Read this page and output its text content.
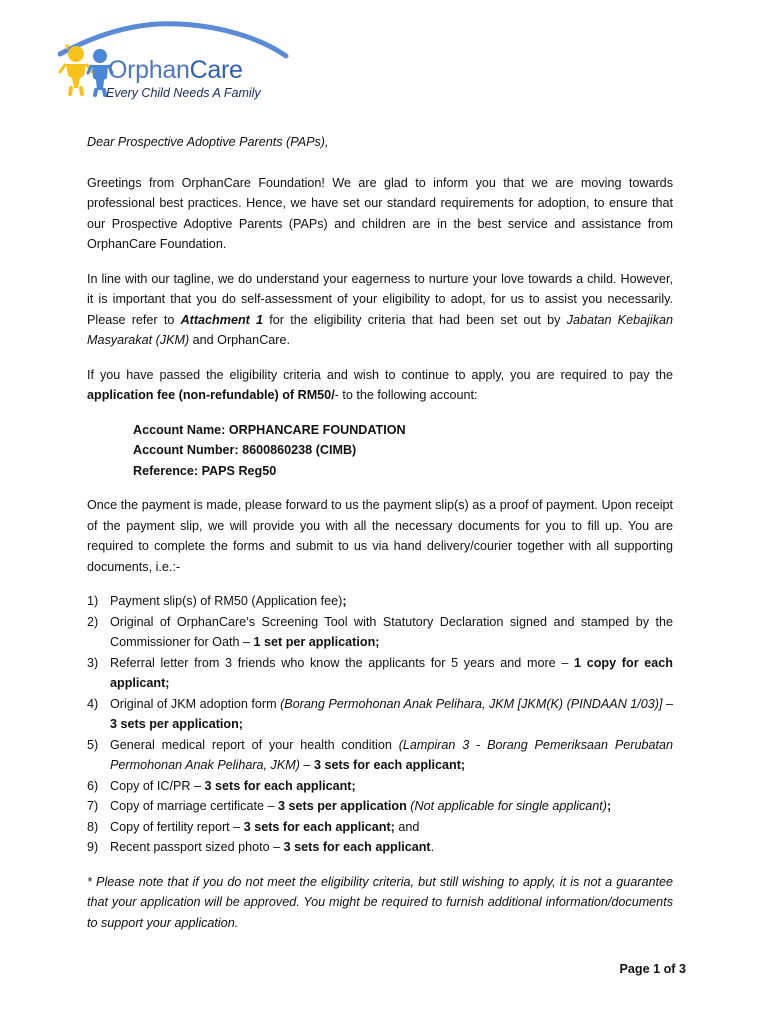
OrphanCare
Every Child Needs A Family

Dear Prospective Adoptive Parents (PAPs),

Greetings from OrphanCare Foundation! We are glad to inform you that we are moving towards professional best practices. Hence, we have set our standard requirements for adoption, to ensure that our Prospective Adoptive Parents (PAPs) and children are in the best service and assistance from OrphanCare Foundation.

In line with our tagline, we do understand your eagerness to nurture your love towards a child. However, it is important that you do self-assessment of your eligibility to adopt, for us to assist you necessarily. Please refer to Attachment 1 for the eligibility criteria that had been set out by Jabatan Kebajikan Masyarakat (JKM) and OrphanCare.

If you have passed the eligibility criteria and wish to continue to apply, you are required to pay the application fee (non-refundable) of RM50/- to the following account:

Account Name: ORPHANCARE FOUNDATION
Account Number: 8600860238 (CIMB)
Reference: PAPS Reg50

Once the payment is made, please forward to us the payment slip(s) as a proof of payment. Upon receipt of the payment slip, we will provide you with all the necessary documents for you to fill up. You are required to complete the forms and submit to us via hand delivery/courier together with all supporting documents, i.e.:-

1) Payment slip(s) of RM50 (Application fee);
2) Original of OrphanCare’s Screening Tool with Statutory Declaration signed and stamped by the Commissioner for Oath – 1 set per application;
3) Referral letter from 3 friends who know the applicants for 5 years and more – 1 copy for each applicant;
4) Original of JKM adoption form (Borang Permohonan Anak Pelihara, JKM [JKM(K) (PINDAAN 1/03)] – 3 sets per application;
5) General medical report of your health condition (Lampiran 3 - Borang Pemeriksaan Perubatan Permohonan Anak Pelihara, JKM) – 3 sets for each applicant;
6) Copy of IC/PR – 3 sets for each applicant;
7) Copy of marriage certificate – 3 sets per application (Not applicable for single applicant);
8) Copy of fertility report – 3 sets for each applicant; and
9) Recent passport sized photo – 3 sets for each applicant.

* Please note that if you do not meet the eligibility criteria, but still wishing to apply, it is not a guarantee that your application will be approved. You might be required to furnish additional information/documents to support your application.

Page 1 of 3
